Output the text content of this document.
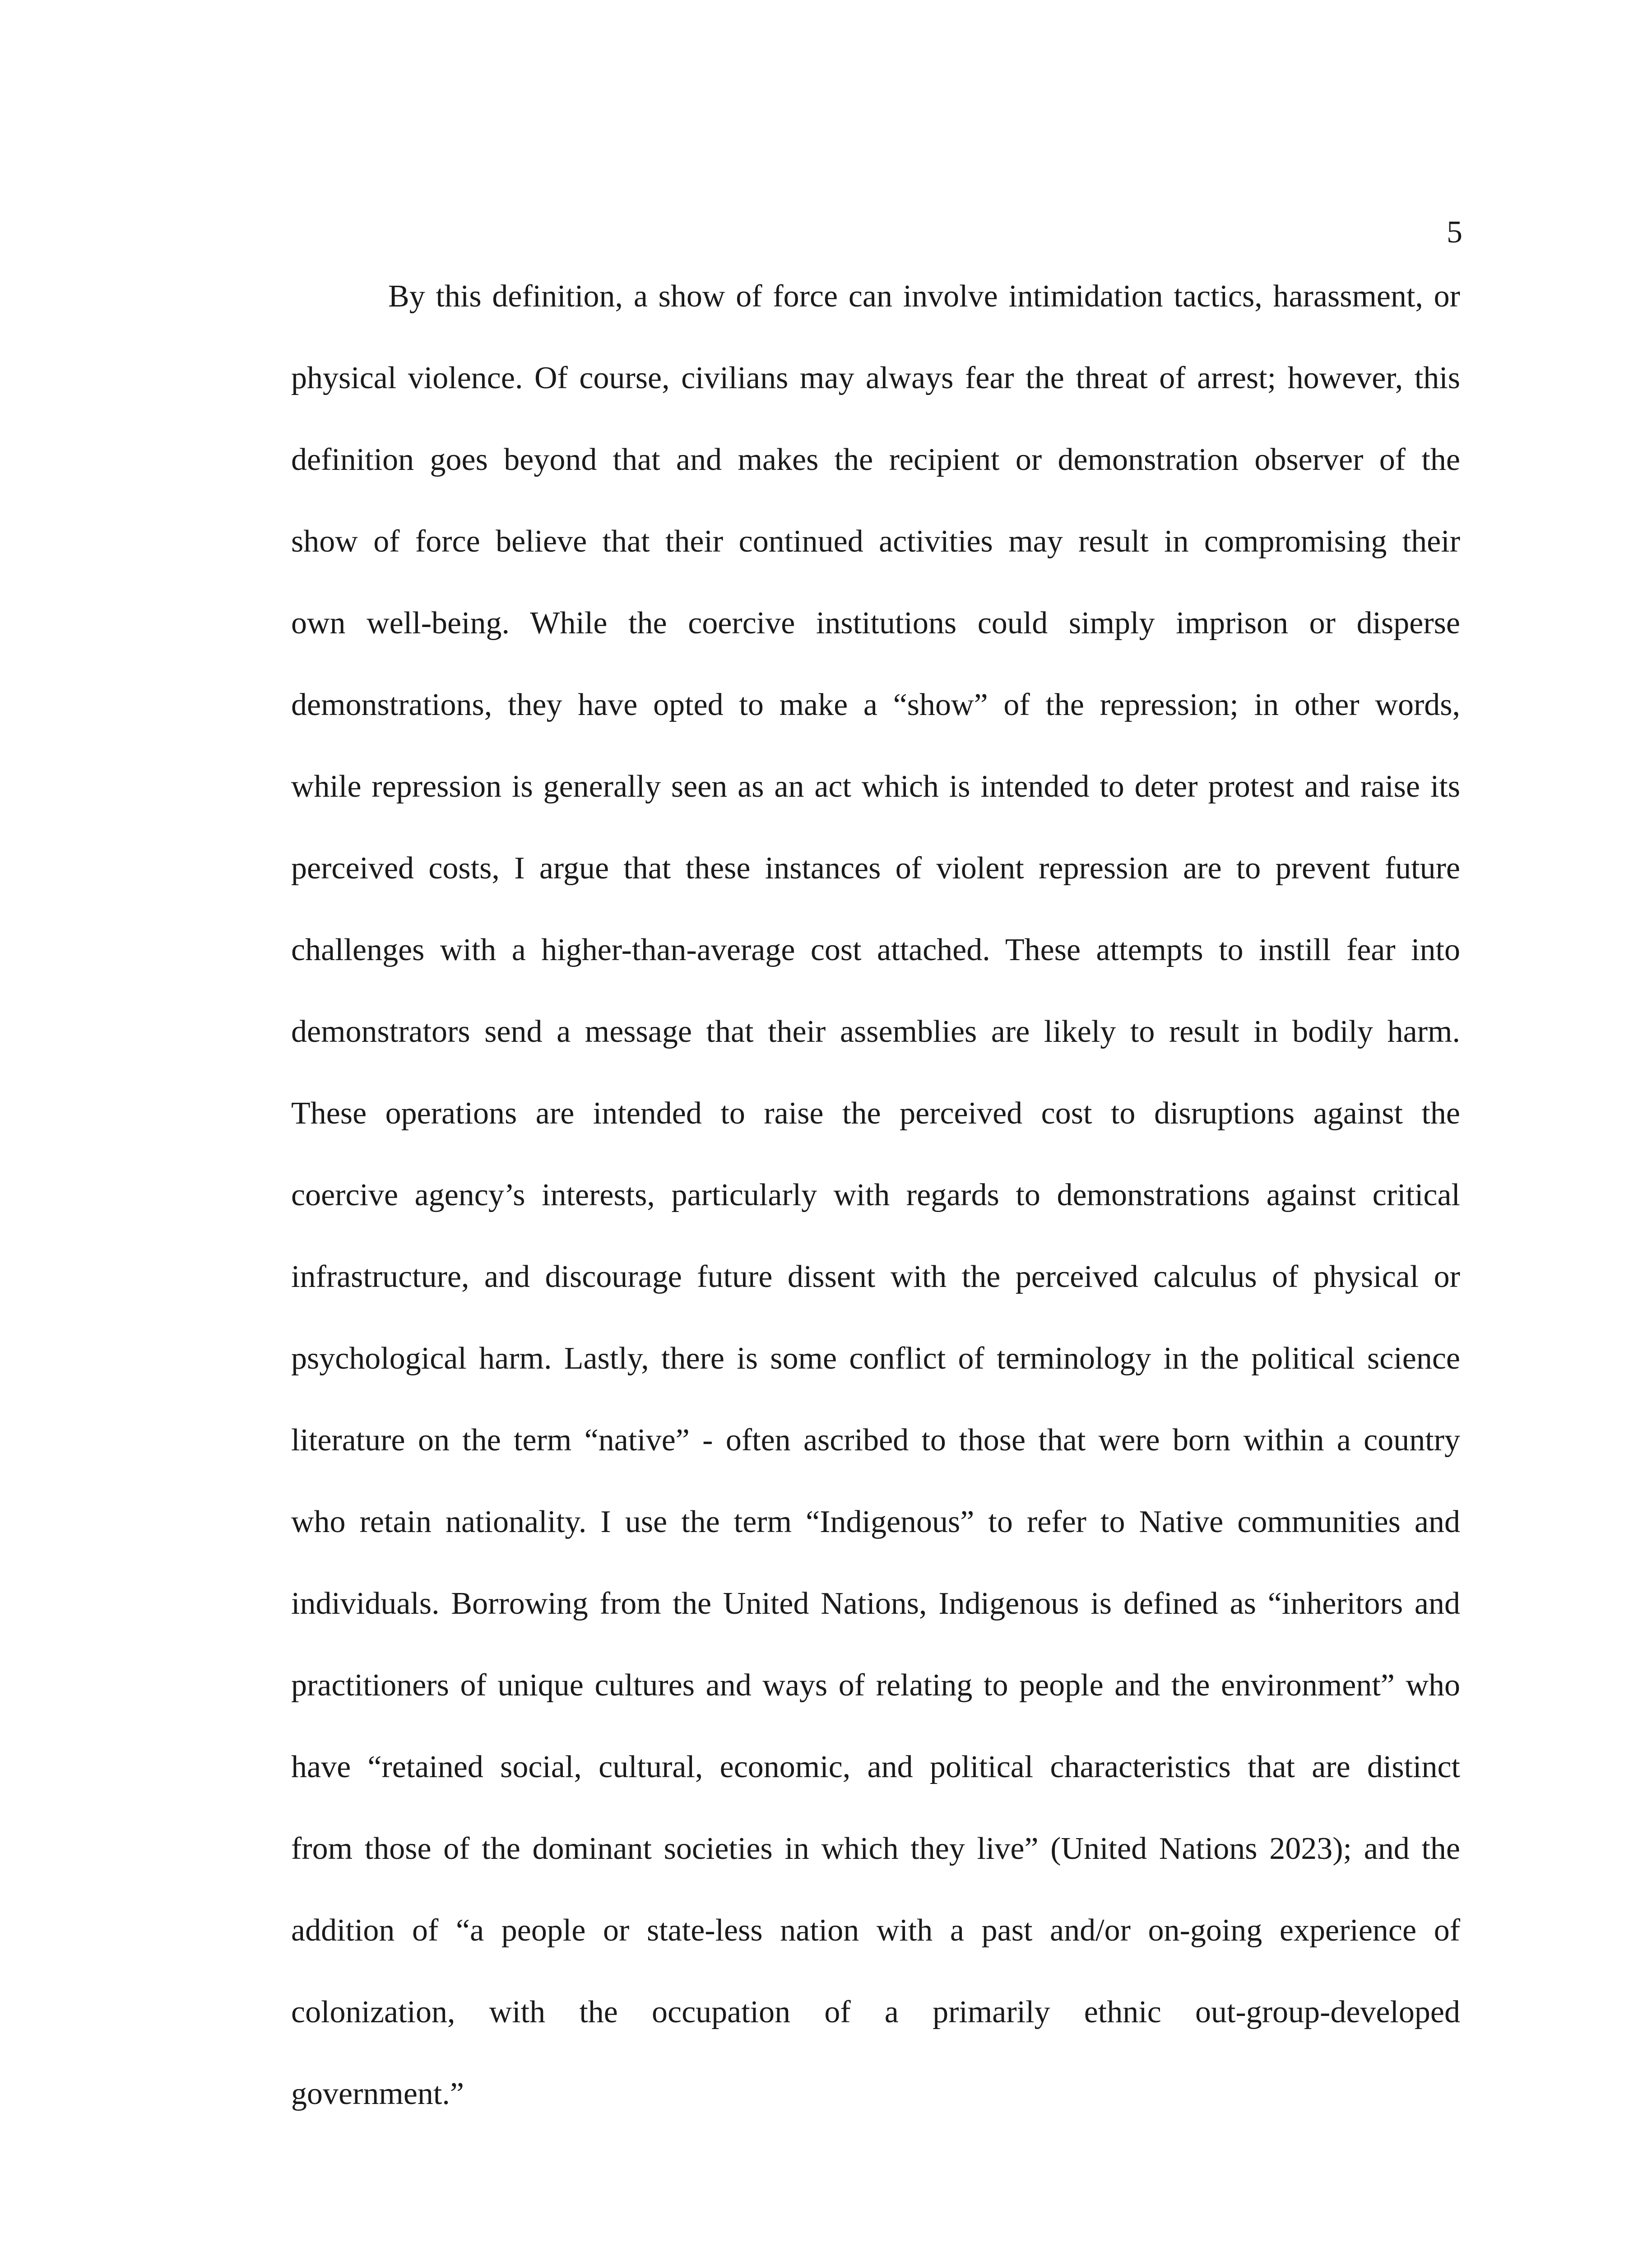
5
By this definition, a show of force can involve intimidation tactics, harassment, or
physical violence. Of course, civilians may always fear the threat of arrest; however, this
definition goes beyond that and makes the recipient or demonstration observer of the
show of force believe that their continued activities may result in compromising their
own well-being. While the coercive institutions could simply imprison or disperse
demonstrations, they have opted to make a “show” of the repression; in other words,
while repression is generally seen as an act which is intended to deter protest and raise its
perceived costs, I argue that these instances of violent repression are to prevent future
challenges with a higher-than-average cost attached. These attempts to instill fear into
demonstrators send a message that their assemblies are likely to result in bodily harm.
These operations are intended to raise the perceived cost to disruptions against the
coercive agency’s interests, particularly with regards to demonstrations against critical
infrastructure, and discourage future dissent with the perceived calculus of physical or
psychological harm. Lastly, there is some conflict of terminology in the political science
literature on the term “native” - often ascribed to those that were born within a country
who retain nationality. I use the term “Indigenous” to refer to Native communities and
individuals. Borrowing from the United Nations, Indigenous is defined as “inheritors and
practitioners of unique cultures and ways of relating to people and the environment” who
have “retained social, cultural, economic, and political characteristics that are distinct
from those of the dominant societies in which they live” (United Nations 2023); and the
addition of “a people or state-less nation with a past and/or on-going experience of
colonization, with the occupation of a primarily ethnic out-group-developed
government.”
